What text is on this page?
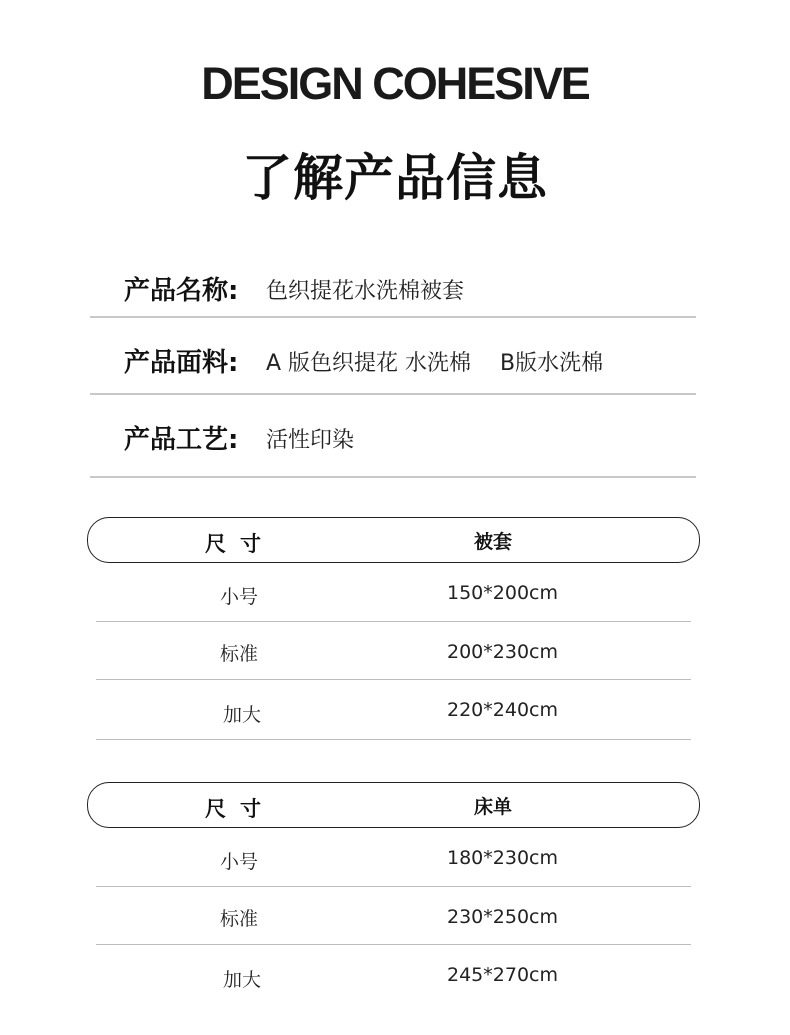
DESIGN COHESIVE
了解产品信息
产品名称: 色织提花水洗棉被套
产品面料: A 版色织提花 水洗棉 B版水洗棉
产品工艺: 活性印染
尺寸	被套
小号	150*200cm
标准	200*230cm
加大	220*240cm
尺寸	床单
小号	180*230cm
标准	230*250cm
加大	245*270cm
